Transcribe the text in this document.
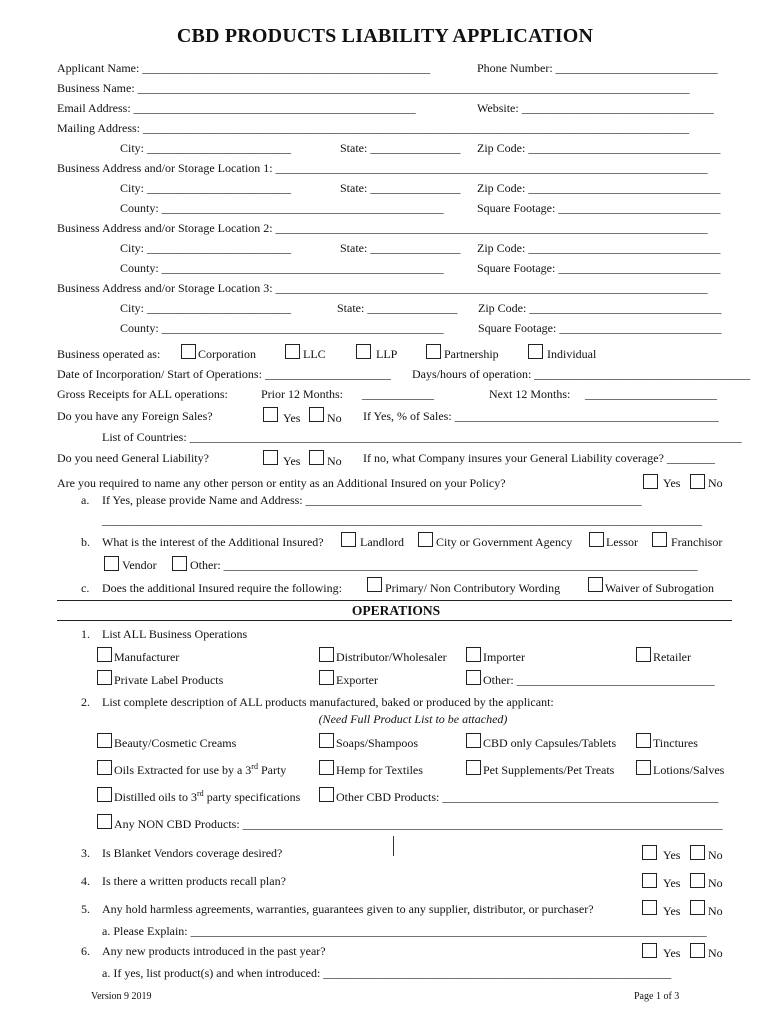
CBD PRODUCTS LIABILITY APPLICATION
Applicant Name: ________________________________________________	Phone Number: ___________________________
Business Name: ____________________________________________________________________________________________
Email Address: _______________________________________________	Website: ________________________________
Mailing Address: ___________________________________________________________________________________________
City: ________________________	State: _______________ Zip Code: ________________________________
Business Address and/or Storage Location 1: ________________________________________________________________________
City: ________________________	State: _______________ Zip Code: ________________________________
County: _______________________________________________	Square Footage: ___________________________
Business Address and/or Storage Location 2: ________________________________________________________________________
City: ________________________	State: _______________ Zip Code: ________________________________
County: _______________________________________________	Square Footage: ___________________________
Business Address and/or Storage Location 3: ________________________________________________________________________
City: ________________________	State: _______________ Zip Code: ________________________________
County: _______________________________________________	Square Footage: ___________________________
Business operated as:	Corporation	LLC	LLP	Partnership	Individual
Date of Incorporation/ Start of Operations: _____________________ Days/hours of operation: ____________________________________
Gross Receipts for ALL operations:	Prior 12 Months: ____________	Next 12 Months: ______________________
Do you have any Foreign Sales?	Yes No If Yes, % of Sales: ____________________________________________
List of Countries: ____________________________________________________________________________________________
Do you need General Liability?	Yes No If no, what Company insures your General Liability coverage? ________
Are you required to name any other person or entity as an Additional Insured on your Policy?	Yes No
a. If Yes, please provide Name and Address: ________________________________________________________
____________________________________________________________________________________________________
b. What is the interest of the Additional Insured?	Landlord	City or Government Agency	Lessor	Franchisor
Vendor	Other: _______________________________________________________________________________
c. Does the additional Insured require the following:	Primary/ Non Contributory Wording	Waiver of Subrogation
OPERATIONS
1. List ALL Business Operations
Manufacturer	Distributor/Wholesaler	Importer	Retailer
Private Label Products	Exporter	Other: _________________________________
2. List complete description of ALL products manufactured, baked or produced by the applicant:
(Need Full Product List to be attached)
Beauty/Cosmetic Creams	Soaps/Shampoos	CBD only Capsules/Tablets	Tinctures
Oils Extracted for use by a 3rd Party	Hemp for Textiles	Pet Supplements/Pet Treats	Lotions/Salves
Distilled oils to 3rd party specifications	Other CBD Products: ______________________________________________
Any NON CBD Products: ________________________________________________________________________________
3. Is Blanket Vendors coverage desired?	Yes No
4. Is there a written products recall plan?	Yes No
5. Any hold harmless agreements, warranties, guarantees given to any supplier, distributor, or purchaser?	Yes No
a. Please Explain: ______________________________________________________________________________________
6. Any new products introduced in the past year?	Yes No
a. If yes, list product(s) and when introduced: __________________________________________________________
Version 9 2019	Page 1 of 3
